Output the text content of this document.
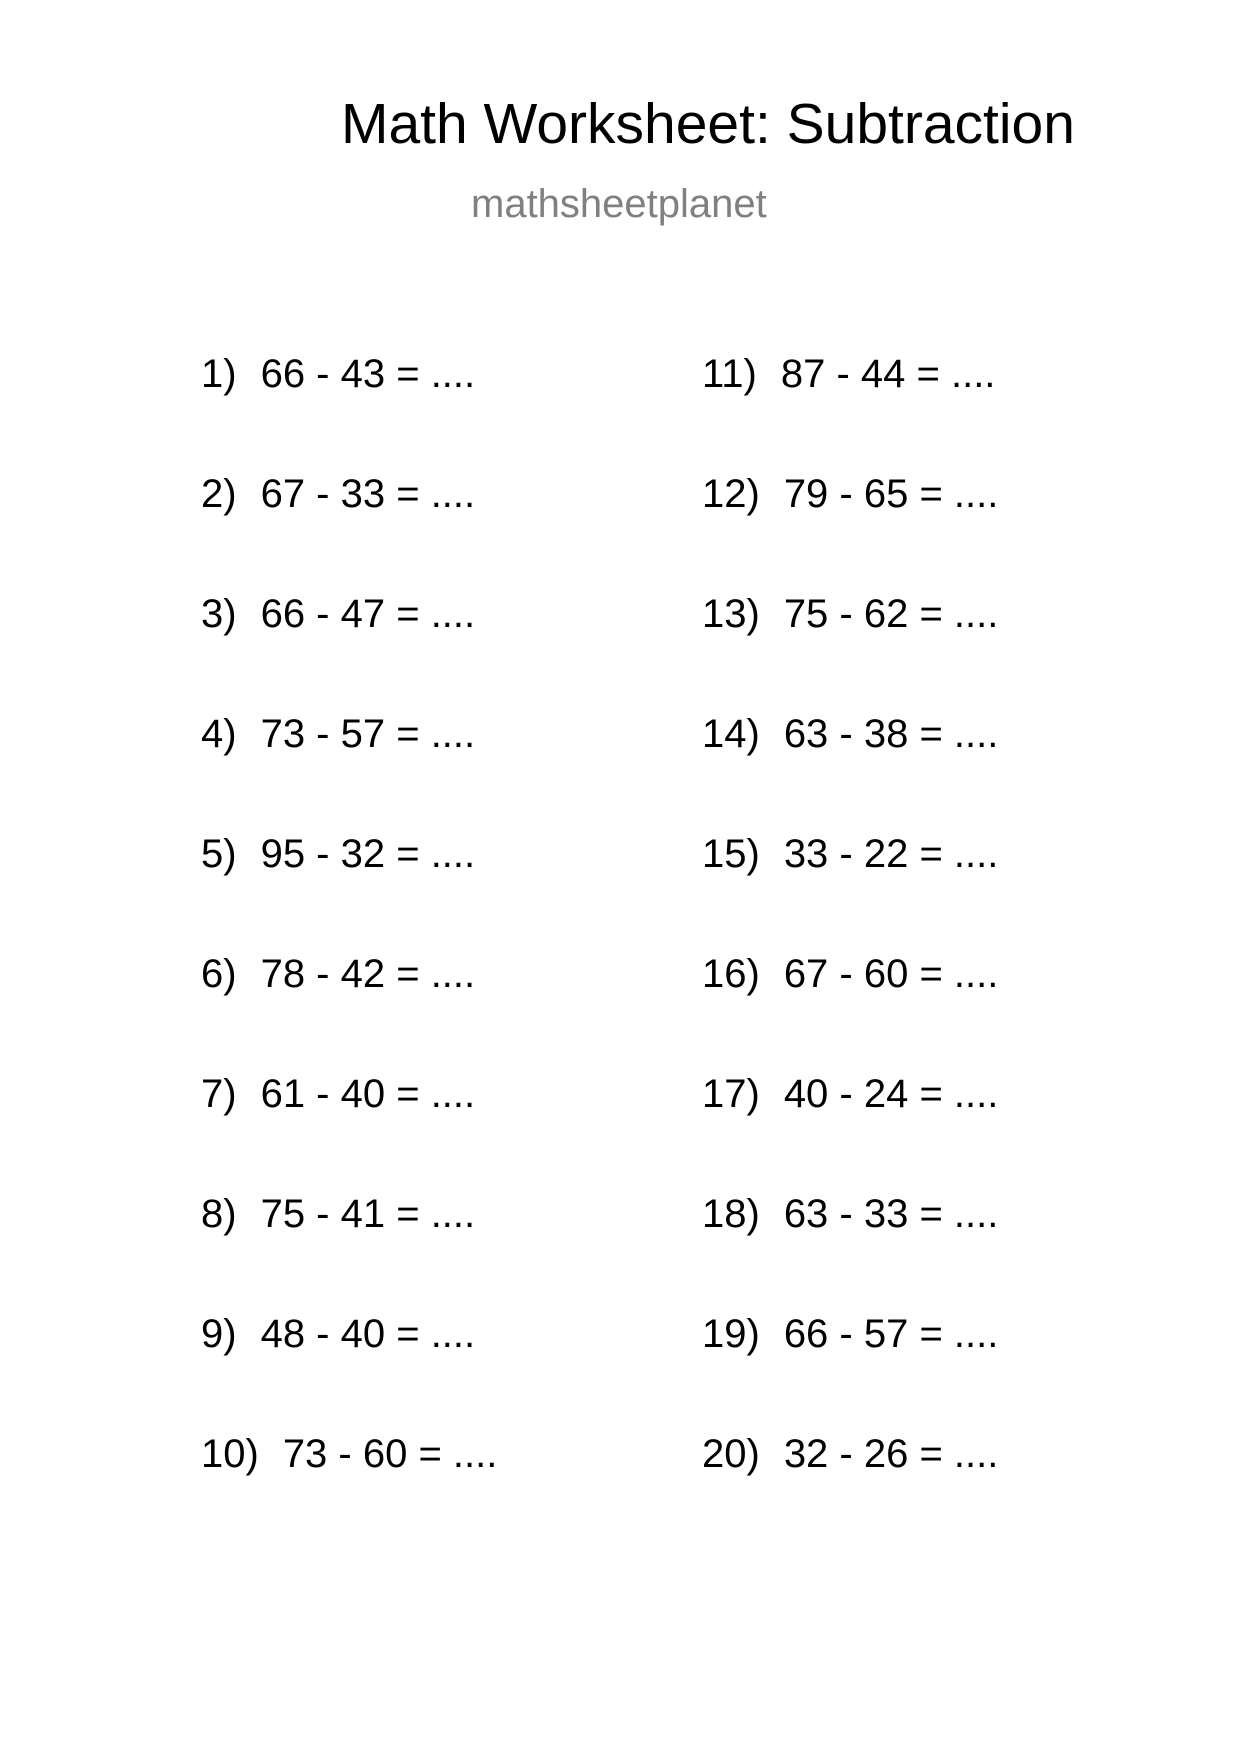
Math Worksheet: Subtraction
mathsheetplanet
1) 66 - 43 = ....
2) 67 - 33 = ....
3) 66 - 47 = ....
4) 73 - 57 = ....
5) 95 - 32 = ....
6) 78 - 42 = ....
7) 61 - 40 = ....
8) 75 - 41 = ....
9) 48 - 40 = ....
10) 73 - 60 = ....
11) 87 - 44 = ....
12) 79 - 65 = ....
13) 75 - 62 = ....
14) 63 - 38 = ....
15) 33 - 22 = ....
16) 67 - 60 = ....
17) 40 - 24 = ....
18) 63 - 33 = ....
19) 66 - 57 = ....
20) 32 - 26 = ....
